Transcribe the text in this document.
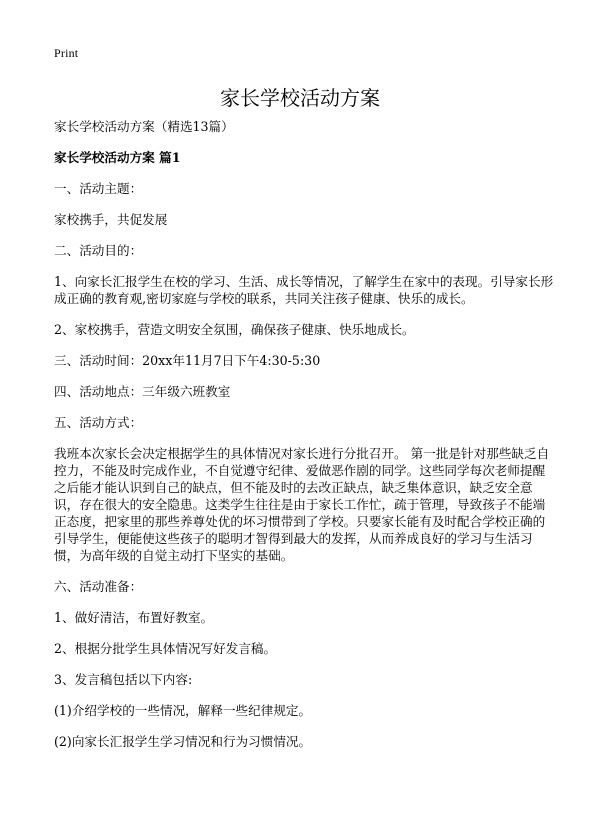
Print
家长学校活动方案

家长学校活动方案（精选13篇）

家长学校活动方案 篇1

一、活动主题：

家校携手，共促发展

二、活动目的：

1、向家长汇报学生在校的学习、生活、成长等情况，了解学生在家中的表现。引导家长形成正确的教育观,密切家庭与学校的联系，共同关注孩子健康、快乐的成长。

2、家校携手，营造文明安全氛围，确保孩子健康、快乐地成长。

三、活动时间：20xx年11月7日下午4:30-5:30

四、活动地点：三年级六班教室

五、活动方式：

我班本次家长会决定根据学生的具体情况对家长进行分批召开。 第一批是针对那些缺乏自控力，不能及时完成作业，不自觉遵守纪律、爱做恶作剧的同学。这些同学每次老师提醒之后能才能认识到自己的缺点，但不能及时的去改正缺点，缺乏集体意识，缺乏安全意识，存在很大的安全隐患。这类学生往往是由于家长工作忙，疏于管理，导致孩子不能端正态度，把家里的那些养尊处优的坏习惯带到了学校。只要家长能有及时配合学校正确的引导学生，便能使这些孩子的聪明才智得到最大的发挥，从而养成良好的学习与生活习惯，为高年级的自觉主动打下坚实的基础。

六、活动准备：

1、做好清洁，布置好教室。

2、根据分批学生具体情况写好发言稿。

3、发言稿包括以下内容:

(1)介绍学校的一些情况，解释一些纪律规定。

(2)向家长汇报学生学习情况和行为习惯情况。
